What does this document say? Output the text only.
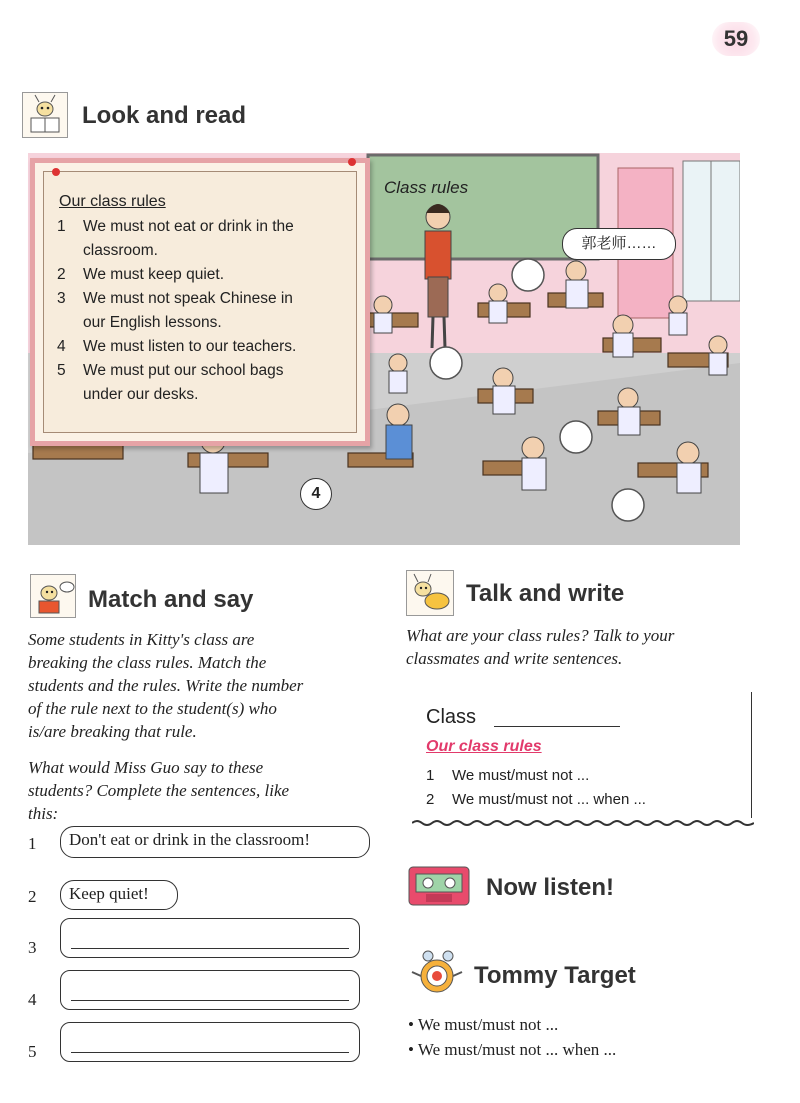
59
Look and read
Our class rules
1	We must not eat or drink in the
classroom.
2	We must keep quiet.
3	We must not speak Chinese in
our English lessons.
4	We must listen to our teachers.
5	We must put our school bags
under our desks.
Class rules
郭老师……
4
Match and say
Some students in Kitty's class are
breaking the class rules. Match the
students and the rules. Write the number
of the rule next to the student(s) who
is/are breaking that rule.
What would Miss Guo say to these
students? Complete the sentences, like
this:
1	Don't eat or drink in the classroom!
2	Keep quiet!
3
4
5
Talk and write
What are your class rules? Talk to your
classmates and write sentences.
Class
Our class rules
1 We must/must not ...
2 We must/must not ... when ...
Now listen!
Tommy Target
• We must/must not ...
• We must/must not ... when ...
